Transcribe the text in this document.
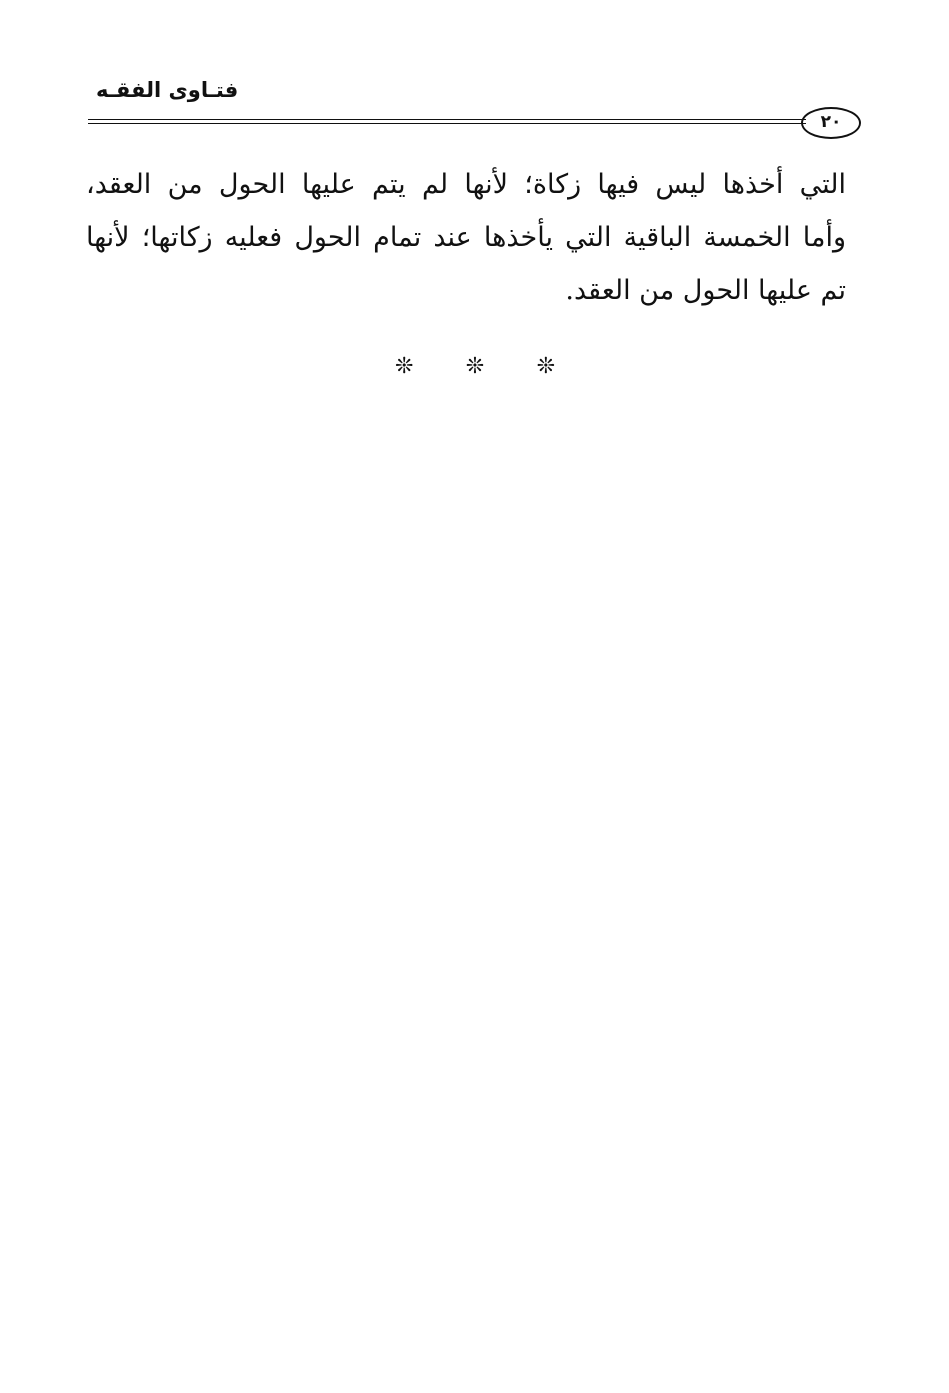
فتـاوى الفقـه
٢٠
التي أخذها ليس فيها زكاة؛ لأنها لم يتم عليها الحول من العقد،
وأما الخمسة الباقية التي يأخذها عند تمام الحول فعليه زكاتها؛ لأنها
تم عليها الحول من العقد.
❊ ❊ ❊
